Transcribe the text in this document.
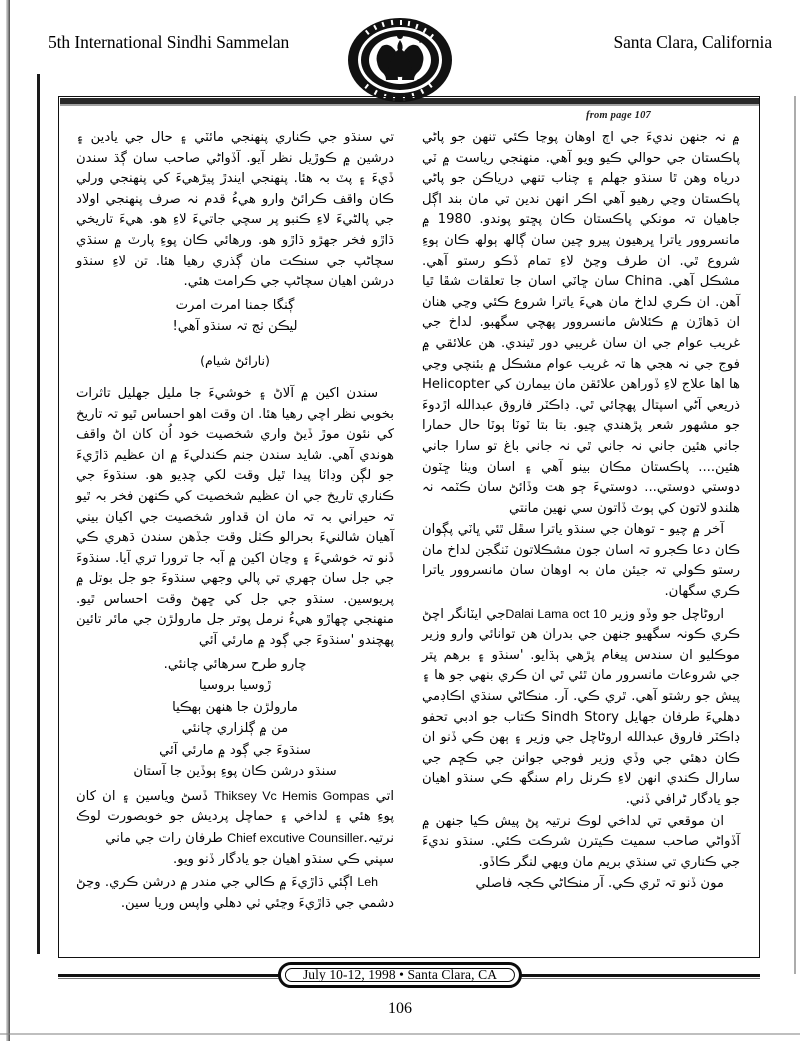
5th International Sindhi Sammelan	Santa Clara, California
from page 107

تي سنڌو جي ڪناري پنهنجي مائٽي ۽ حال جي يادين ۽ درشين ۾ ڪوڙيل نظر آيو. آڏواڻي صاحب سان ڳڌ سندن ڏيءَ ۽ پٽ بہ هئا. پنهنجي ايندڙ پيڙهيءَ کي پنهنجي ورلي ڪان واقف ڪرائڻ وارو هيءُ قدم نہ صرف پنهنجي اولاد جي پالڻيءَ لاءِ ڪنبو پر سچي جاتيءَ لاءِ هو. هيءَ تاريخي ڌاڙو فخر جهڙو ڌاڙو هو. ورهائي ڪان پوءِ پارٽ ۾ سنڌي سچاڻپ جي سنڪت مان ڳذري رهيا هئا. تن لاءِ سنڌو درشن اهيان سچاڻپ جي ڪرامت هئي.

ڳنگا جمنا امرت امرت

ليڪن ٺج تہ سنڌو آهي!

(نارائڻ شيام)

سندن اکين ۾ آلاڻ ۽ خوشيءَ جا مليل جهليل تاثرات بخوبي نظر اچي رهيا هئا. ان وقت اهو احساس ٿيو تہ تاريخ کي نئون موڙ ڏيڻ واري شخصيت خود اُن کان اڻ واقف هوندي آهي. شايد سندن جنم ڪندليءَ ۾ ان عظيم ڌاڙيءَ جو لڳن وڊاٽا پيدا ٿيل وقت لکي چڊيو هو. سنڌوءَ جي ڪناري تاريخ جي ان عظيم شخصيت کي ڪنهن فخر بہ ٿيو تہ حيراني بہ تہ مان ان قداور شخصيت جي اکيان بيني آهيان شالنيءَ بحرالو ڪٺل وقت جڏهن سندن ڌهري ڪي ڏنو تہ خوشيءَ ۽ وڃان اکين ۾ آبہ جا ترورا تري آيا. سنڌوءَ جي جل سان ڄهري تي پالي وجهي سنڌوءَ جو جل بوتل ۾ پريوسين. سنڌو جي جل کي ڇهڻ وقت احساس ٿيو. منهنجي چهاڙو هيءُ نرمل پوتر جل مارولڙن جي مائر تائين پهچندو 'سنڌوءَ جي ڳود ۾ مارئي آئي

چارو طرح سرهائي چانئي.

ڙوسيا بروسيا

مارولڙن جا هنهن ٻهڪيا

من ۾ ڳلزاري چانئي

سنڌوءَ جي ڳود ۾ مارئي آئي

سنڌو درشن ڪان پوءِ ٻوڏين جا آستان

اتي Thiksey Vc Hemis Gompas ڏسڻ وياسين ۽ ان کان پوءِ هئي ۽ لداخي ۽ حماچل پرديش جو خوبصورت لوڪ نرتيہ.Chief excutive Counsiller طرفان رات جي ماني

سپني ڪي سنڌو اهيان جو يادگار ڏنو ويو.

Leh اڳئي ڌاڙيءَ ۾ ڪالي جي مندر ۾ درشن ڪري. وڃڻ دشمي جي ڌاڙيءَ وڃئي ٺي دهلي واپس وريا سين.

۾ نہ جنهن نديءَ جي اڄ اوهان پوڃا ڪئي تنهن جو پاڻي پاڪستان جي حوالي ڪيو ويو آهي. منهنجي رياست ۾ ٽي درياه وهن ٿا سنڌو جهلم ۽ چناب تنهي درياڪن جو پاڻي پاڪستان وڃي رهيو آهي اڪر انهن ندين تي مان بند اڳل جاهيان تہ مونکي پاڪستان ڪان پڇتو پوندو. 1980 ۾ مانسروور ياترا ڀرهيون پيرو چين سان ڳالھ ٻولھ ڪان ٻوءِ شروع ٿي. ان طرف وڃڻ لاءِ تمام ڏڪو رستو آهي. مشڪل آهي. China سان ڇاٽي اسان جا تعلقات شڦا ٿيا آهن. ان ڪري لداخ مان هيءَ ياترا شروع ڪئي وڃي هنان ان ڌهاڙن ۾ ڪئلاش مانسروور پهچي سگهبو. لداخ جي غريب عوام جي ان سان غريبي دور ٿيندي. هن علائقي ۾ فوج جي نہ هجي ها تہ غريب عوام مشڪل ۾ بئنچي وڃي ها اها علاج لاءِ ڏوراهن علائقن مان بيمارن کي Helicopter ذريعي آڻي اسپتال پهچائي ٿي. ڊاڪٽر فاروق عبدالله اڙدوءَ جو مشهور شعر پڙهندي چيو. بتا بتا ٽوٽا ٻوٽا حال حمارا جاني هئين جاني نہ جاني ٿي نہ جاني باغ تو سارا جاني هئين.... پاڪستان مڪان بينو آهي ۽ اسان ويٺا ڇٽون دوستي دوستي... دوستيءَ ڄو هت وڏائڻ سان ڪٽمہ نہ هلندو لاتون کي ٻوٽ ڏاتون سي نهين مانتي

آخر ۾ چيو - توهان جي سنڌو ياترا سڦل ٿئي ڀاٽي پڳوان ڪان دعا ڪجرو تہ اسان جون مشڪلاتون ٽنگجن لداخ مان رستو ڪولي تہ جيئن مان بہ اوهان سان مانسروور ياترا ڪري سگهان.

اروڻاچل جو وڏو وزير Dalai Lama oct 10جي ايٽانگر اچڻ ڪري ڪونہ سگهيو جنهن جي بدران هن توانائي وارو وزير موڪليو ان سندس پيغام پڙهي ٻڌايو. 'سنڌو ۽ برهم پتر جي شروعات مانسرور مان ٿئي ٿي ان ڪري بنهي جو ها ۽ پيش جو رشتو آهي. ٿري ڪي. آر. منڪاڻي سنڌي اڪاڊمي دهليءَ طرفان جهايل Sindh Story ڪتاب جو ادبي تحفو ڊاڪٽر فاروق عبدالله اروڻاچل جي وزير ۽ ٻهن ڪي ڏنو ان ڪان دهئي جي وڏي وزير فوجي جوانن جي ڪڇم جي سارال ڪندي انهن لاءِ ڪرنل رام سنگھ ڪي سنڌو اهيان جو يادگار ڻرافي ڏني.

ان موقعي تي لداخي لوڪ نرتيہ پڻ پيش ڪيا جنهن ۾ آڏواڻي صاحب سميت ڪيترن شرڪت ڪئي. سنڌو نديءَ جي ڪناري تي سنڌي بريم مان ويهي لنگر ڪاڏو.

مون ڏنو تہ ٿري ڪي. آر منڪاڻي ڪجہ فاصلي

July 10-12, 1998 • Santa Clara, CA
106
